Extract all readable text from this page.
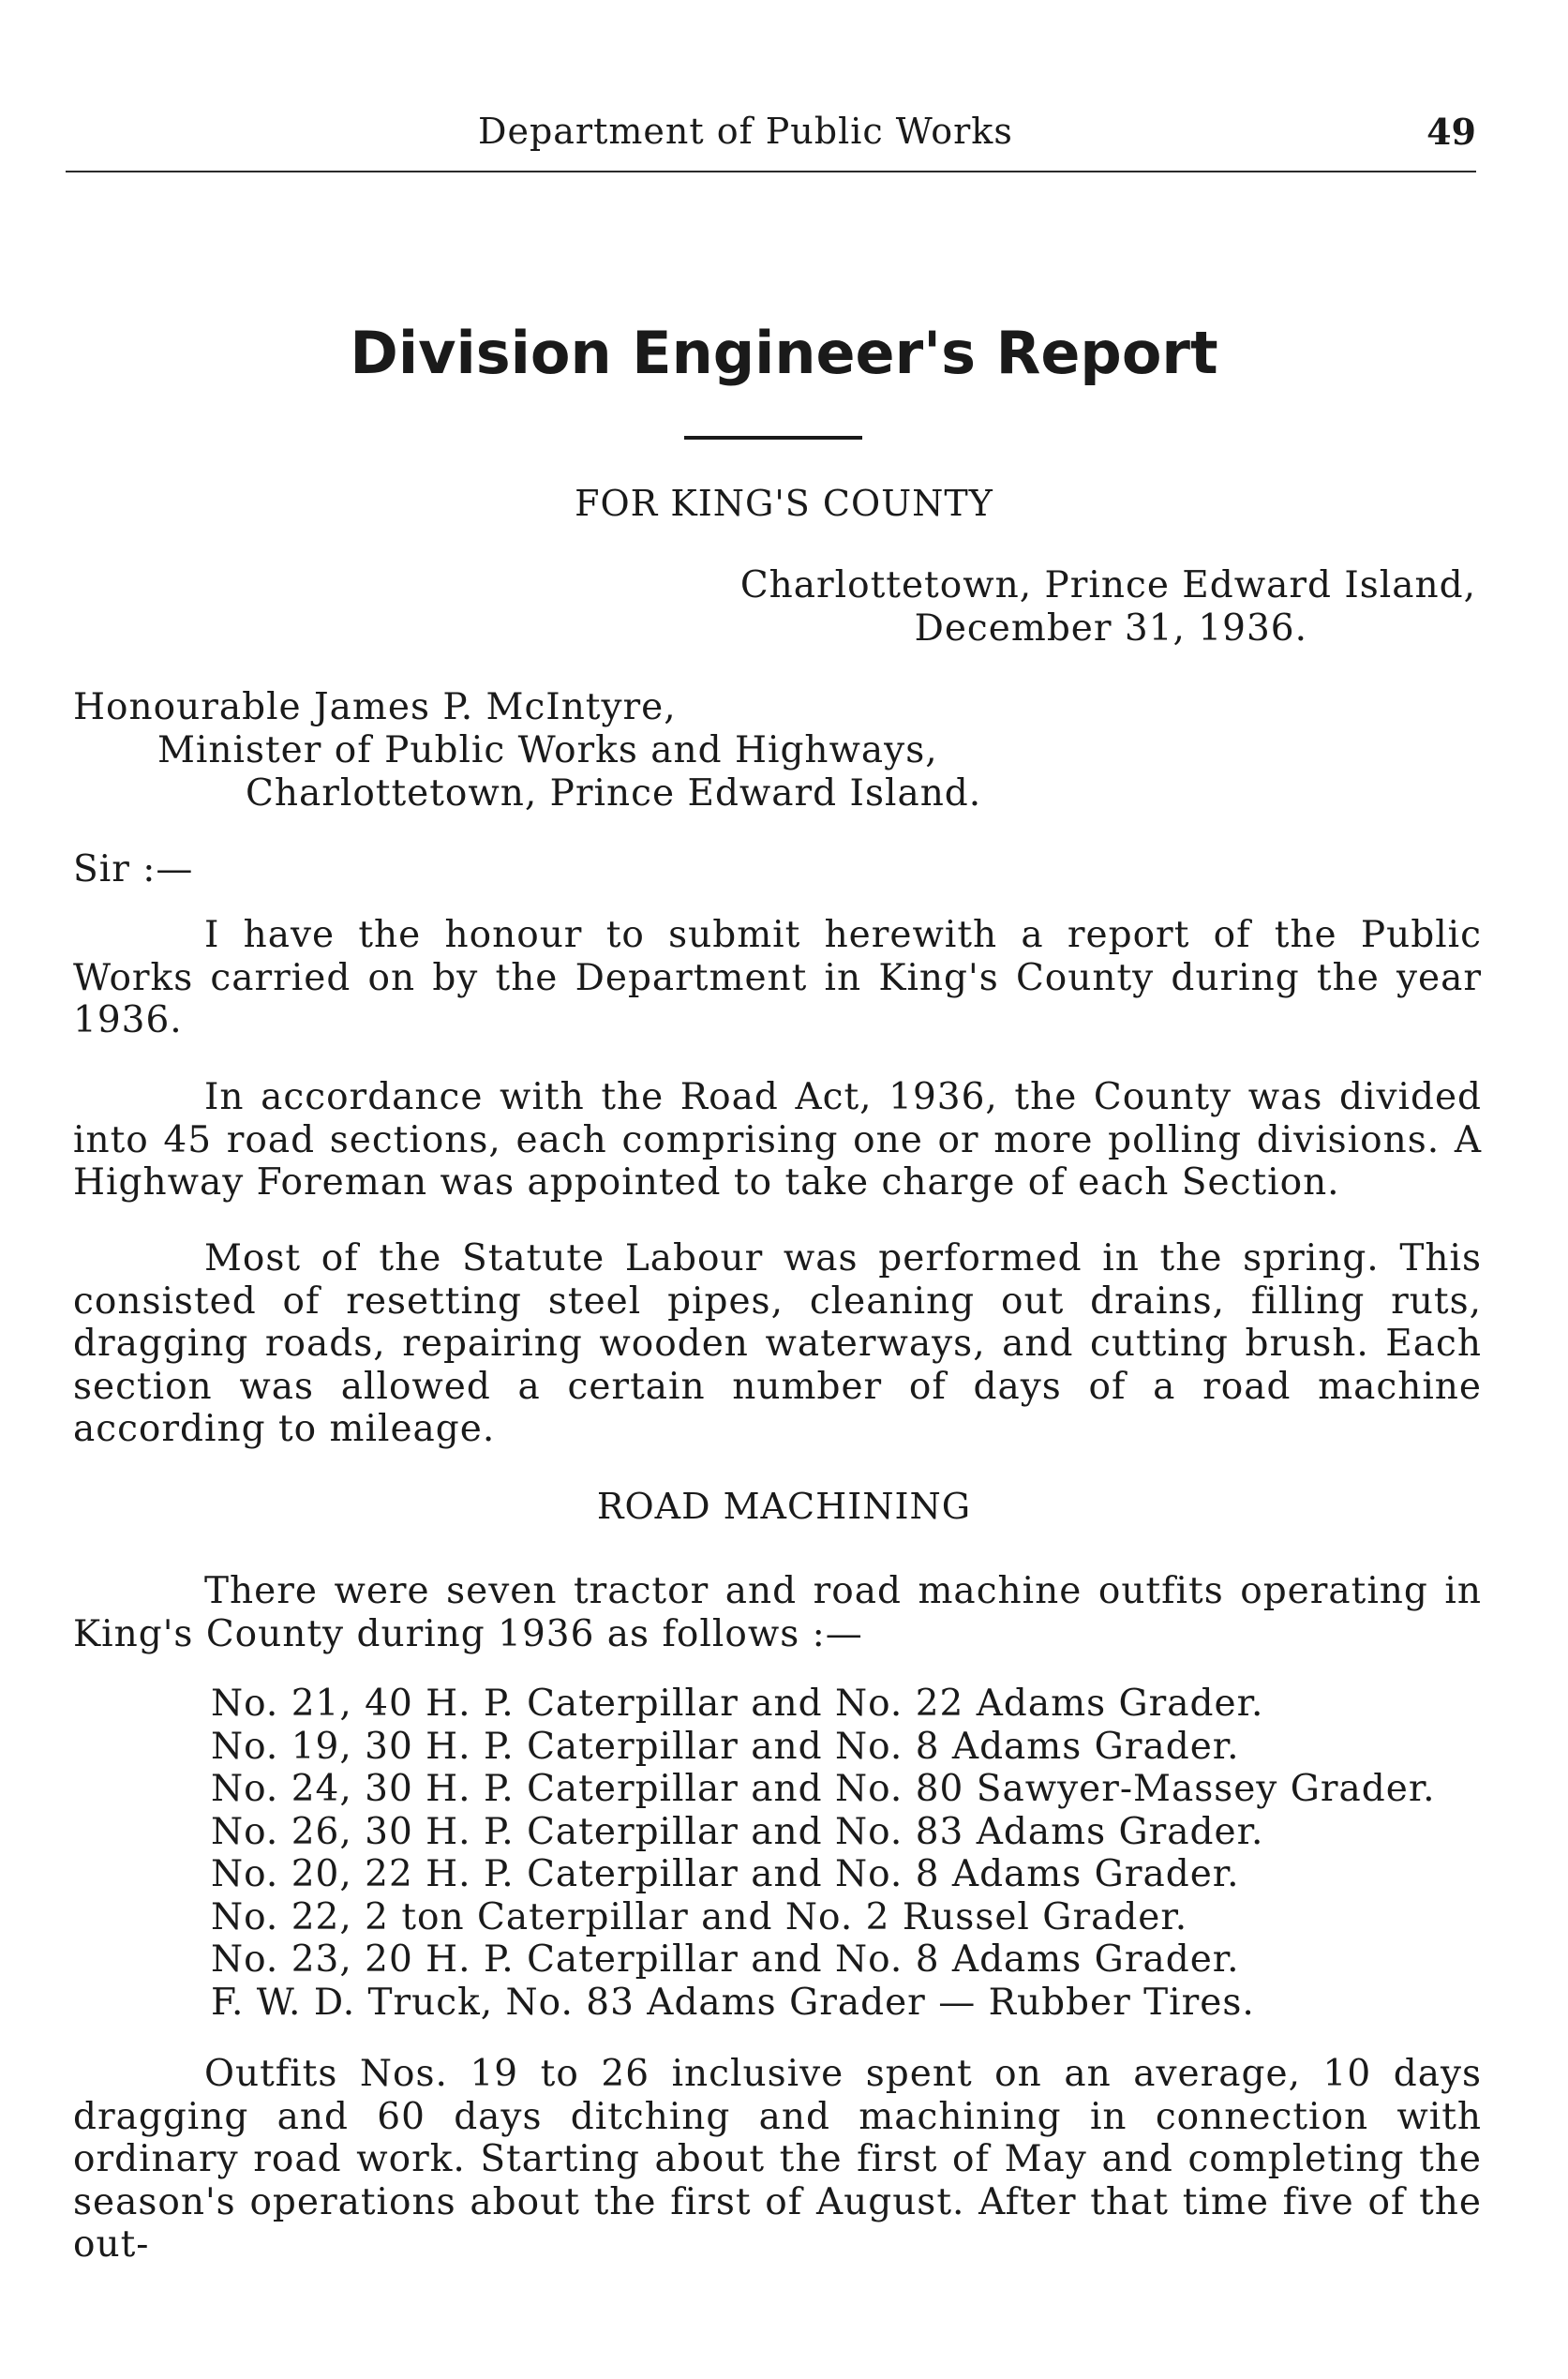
Department of Public Works	49
Division Engineer's Report
FOR KING'S COUNTY
Charlottetown, Prince Edward Island,
December 31, 1936.
Honourable James P. McIntyre,
Minister of Public Works and Highways,
Charlottetown, Prince Edward Island.
Sir :—

I have the honour to submit herewith a report of the Public Works carried on by the Department in King's County during the year 1936.

In accordance with the Road Act, 1936, the County was divided into 45 road sections, each comprising one or more polling divisions. A Highway Foreman was appointed to take charge of each Section.

Most of the Statute Labour was performed in the spring. This consisted of resetting steel pipes, cleaning out drains, filling ruts, dragging roads, repairing wooden waterways, and cutting brush. Each section was allowed a certain number of days of a road machine according to mileage.

ROAD MACHINING

There were seven tractor and road machine outfits operating in King's County during 1936 as follows :—

No. 21, 40 H. P. Caterpillar and No. 22 Adams Grader.
No. 19, 30 H. P. Caterpillar and No. 8 Adams Grader.
No. 24, 30 H. P. Caterpillar and No. 80 Sawyer-Massey Grader.
No. 26, 30 H. P. Caterpillar and No. 83 Adams Grader.
No. 20, 22 H. P. Caterpillar and No. 8 Adams Grader.
No. 22, 2 ton Caterpillar and No. 2 Russel Grader.
No. 23, 20 H. P. Caterpillar and No. 8 Adams Grader.
F. W. D. Truck, No. 83 Adams Grader — Rubber Tires.

Outfits Nos. 19 to 26 inclusive spent on an average, 10 days dragging and 60 days ditching and machining in connection with ordinary road work. Starting about the first of May and completing the season's operations about the first of August. After that time five of the out-
